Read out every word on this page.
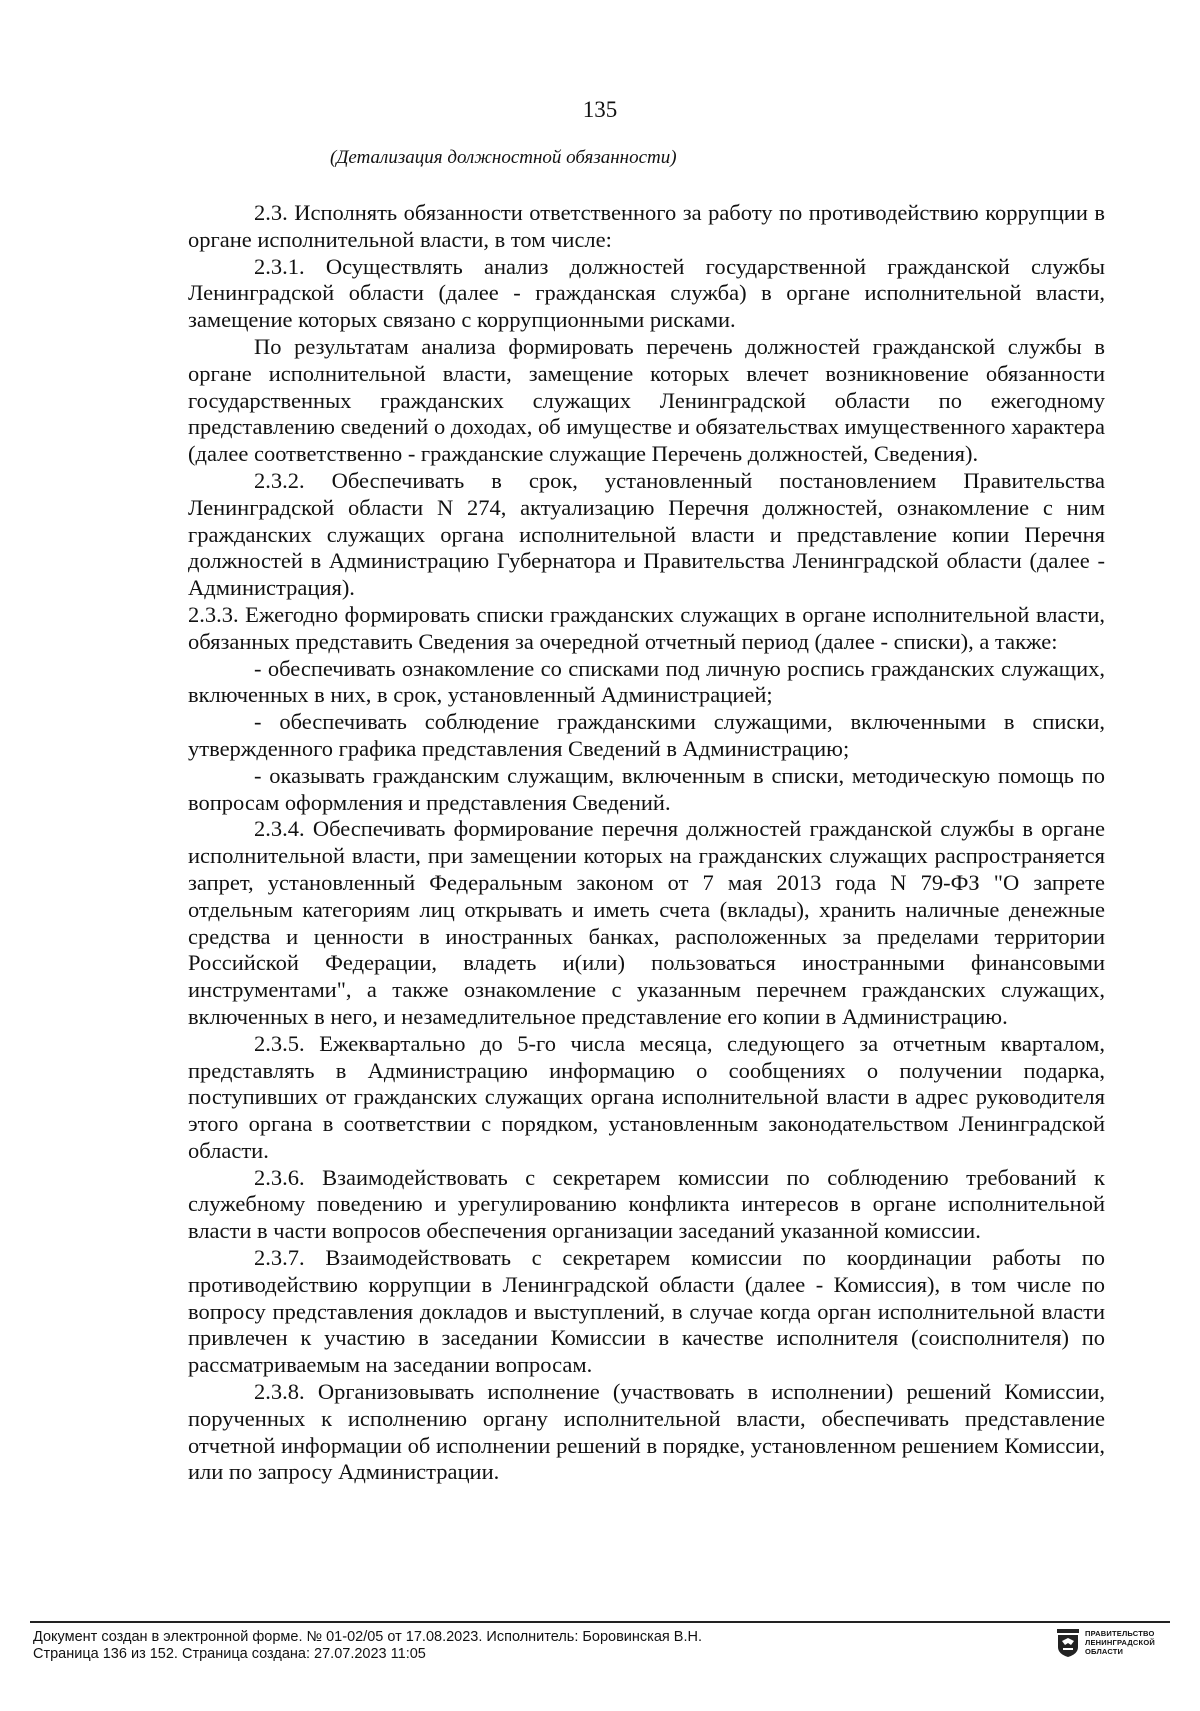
135
(Детализация должностной обязанности)

2.3. Исполнять обязанности ответственного за работу по противодействию коррупции в органе исполнительной власти, в том числе:

2.3.1. Осуществлять анализ должностей государственной гражданской службы Ленинградской области (далее - гражданская служба) в органе исполнительной власти, замещение которых связано с коррупционными рисками.

По результатам анализа формировать перечень должностей гражданской службы в органе исполнительной власти, замещение которых влечет возникновение обязанности государственных гражданских служащих Ленинградской области по ежегодному представлению сведений о доходах, об имуществе и обязательствах имущественного характера (далее соответственно - гражданские служащие Перечень должностей, Сведения).

2.3.2. Обеспечивать в срок, установленный постановлением Правительства Ленинградской области N 274, актуализацию Перечня должностей, ознакомление с ним гражданских служащих органа исполнительной власти и представление копии Перечня должностей в Администрацию Губернатора и Правительства Ленинградской области (далее - Администрация).

2.3.3. Ежегодно формировать списки гражданских служащих в органе исполнительной власти, обязанных представить Сведения за очередной отчетный период (далее - списки), а также:

- обеспечивать ознакомление со списками под личную роспись гражданских служащих, включенных в них, в срок, установленный Администрацией;

- обеспечивать соблюдение гражданскими служащими, включенными в списки, утвержденного графика представления Сведений в Администрацию;

- оказывать гражданским служащим, включенным в списки, методическую помощь по вопросам оформления и представления Сведений.

2.3.4. Обеспечивать формирование перечня должностей гражданской службы в органе исполнительной власти, при замещении которых на гражданских служащих распространяется запрет, установленный Федеральным законом от 7 мая 2013 года N 79-ФЗ "О запрете отдельным категориям лиц открывать и иметь счета (вклады), хранить наличные денежные средства и ценности в иностранных банках, расположенных за пределами территории Российской Федерации, владеть и(или) пользоваться иностранными финансовыми инструментами", а также ознакомление с указанным перечнем гражданских служащих, включенных в него, и незамедлительное представление его копии в Администрацию.

2.3.5. Ежеквартально до 5-го числа месяца, следующего за отчетным кварталом, представлять в Администрацию информацию о сообщениях о получении подарка, поступивших от гражданских служащих органа исполнительной власти в адрес руководителя этого органа в соответствии с порядком, установленным законодательством Ленинградской области.

2.3.6. Взаимодействовать с секретарем комиссии по соблюдению требований к служебному поведению и урегулированию конфликта интересов в органе исполнительной власти в части вопросов обеспечения организации заседаний указанной комиссии.

2.3.7. Взаимодействовать с секретарем комиссии по координации работы по противодействию коррупции в Ленинградской области (далее - Комиссия), в том числе по вопросу представления докладов и выступлений, в случае когда орган исполнительной власти привлечен к участию в заседании Комиссии в качестве исполнителя (соисполнителя) по рассматриваемым на заседании вопросам.

2.3.8. Организовывать исполнение (участвовать в исполнении) решений Комиссии, порученных к исполнению органу исполнительной власти, обеспечивать представление отчетной информации об исполнении решений в порядке, установленном решением Комиссии, или по запросу Администрации.

Документ создан в электронной форме. № 01-02/05 от 17.08.2023. Исполнитель: Боровинская В.Н.
Страница 136 из 152. Страница создана: 27.07.2023 11:05
ПРАВИТЕЛЬСТВО
ЛЕНИНГРАДСКОЙ
ОБЛАСТИ
